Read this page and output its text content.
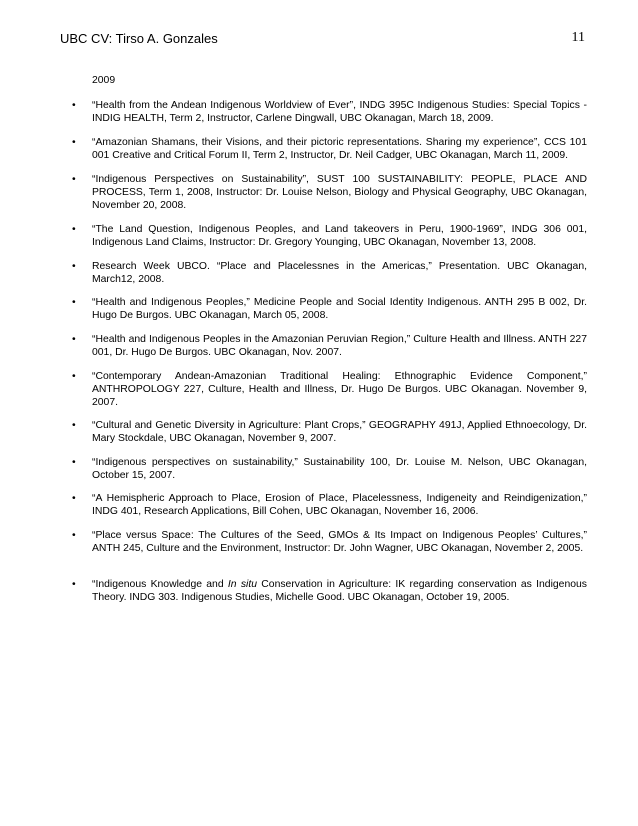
UBC CV: Tirso A. Gonzales	11
2009
• “Health from the Andean Indigenous Worldview of Ever”, INDG 395C Indigenous Studies: Special Topics - INDIG HEALTH, Term 2, Instructor, Carlene Dingwall, UBC Okanagan, March 18, 2009.
• “Amazonian Shamans, their Visions, and their pictoric representations. Sharing my experience”, CCS 101 001 Creative and Critical Forum II, Term 2, Instructor, Dr. Neil Cadger, UBC Okanagan, March 11, 2009.
• “Indigenous Perspectives on Sustainability”, SUST 100 SUSTAINABILITY: PEOPLE, PLACE AND PROCESS, Term 1, 2008, Instructor: Dr. Louise Nelson, Biology and Physical Geography, UBC Okanagan, November 20, 2008.
• “The Land Question, Indigenous Peoples, and Land takeovers in Peru, 1900-1969”, INDG 306 001, Indigenous Land Claims, Instructor: Dr. Gregory Younging, UBC Okanagan, November 13, 2008.
• Research Week UBCO. “Place and Placelessnes in the Americas,” Presentation. UBC Okanagan, March12, 2008.
• “Health and Indigenous Peoples,” Medicine People and Social Identity Indigenous. ANTH 295 B 002, Dr. Hugo De Burgos. UBC Okanagan, March 05, 2008.
• “Health and Indigenous Peoples in the Amazonian Peruvian Region,” Culture Health and Illness. ANTH 227 001, Dr. Hugo De Burgos. UBC Okanagan, Nov. 2007.
• “Contemporary Andean-Amazonian Traditional Healing: Ethnographic Evidence Component,” ANTHROPOLOGY 227, Culture, Health and Illness, Dr. Hugo De Burgos. UBC Okanagan. November 9, 2007.
• “Cultural and Genetic Diversity in Agriculture: Plant Crops,” GEOGRAPHY 491J, Applied Ethnoecology, Dr. Mary Stockdale, UBC Okanagan, November 9, 2007.
• “Indigenous perspectives on sustainability,” Sustainability 100, Dr. Louise M. Nelson, UBC Okanagan, October 15, 2007.
• “A Hemispheric Approach to Place, Erosion of Place, Placelessness, Indigeneity and Reindigenization,” INDG 401, Research Applications, Bill Cohen, UBC Okanagan, November 16, 2006.
• “Place versus Space: The Cultures of the Seed, GMOs & Its Impact on Indigenous Peoples’ Cultures,” ANTH 245, Culture and the Environment, Instructor: Dr. John Wagner, UBC Okanagan, November 2, 2005.
• “Indigenous Knowledge and In situ Conservation in Agriculture: IK regarding conservation as Indigenous Theory. INDG 303. Indigenous Studies, Michelle Good. UBC Okanagan, October 19, 2005.
